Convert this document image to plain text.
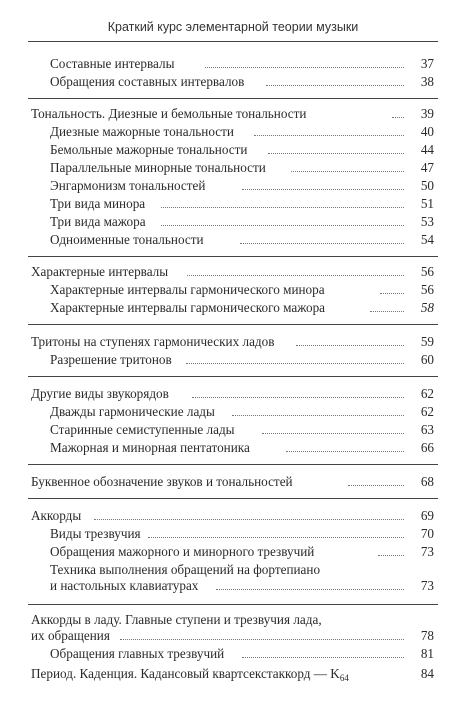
Краткий курс элементарной теории музыки
Составные интервалы	37
Обращения составных интервалов	38
Тональность. Диезные и бемольные тональности	39
Диезные мажорные тональности	40
Бемольные мажорные тональности	44
Параллельные минорные тональности	47
Энгармонизм тональностей	50
Три вида минора	51
Три вида мажора	53
Одноименные тональности	54
Характерные интервалы	56
Характерные интервалы гармонического минора	56
Характерные интервалы гармонического мажора	58
Тритоны на ступенях гармонических ладов	59
Разрешение тритонов	60
Другие виды звукорядов	62
Дважды гармонические лады	62
Старинные семиступенные лады	63
Мажорная и минорная пентатоника	66
Буквенное обозначение звуков и тональностей	68
Аккорды	69
Виды трезвучия	70
Обращения мажорного и минорного трезвучий	73
Техника выполнения обращений на фортепиано
и настольных клавиатурах	73
Аккорды в ладу. Главные ступени и трезвучия лада,
их обращения	78
Обращения главных трезвучий	81
Период. Каденция. Кадансовый квартсекстаккорд — $K_{64}$	84
